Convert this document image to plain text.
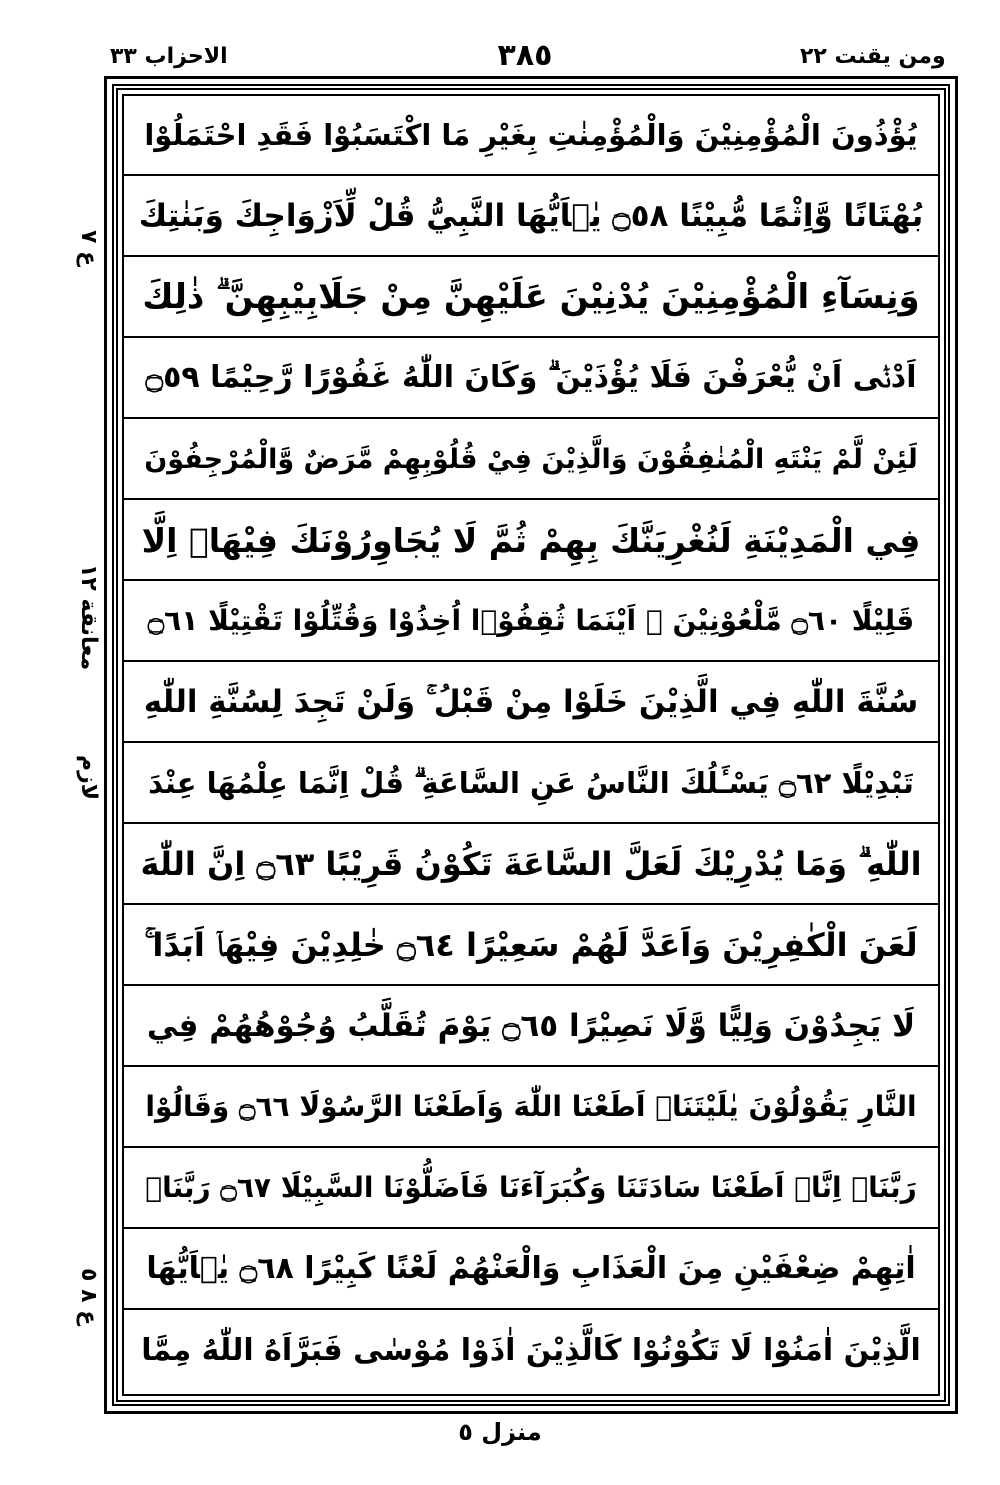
الاحزاب ٣٣	٣٨٥	ومن يقنت ٢٢
يُؤْذُونَ الْمُؤْمِنِيْنَ وَالْمُؤْمِنٰتِ بِغَيْرِ مَا اكْتَسَبُوْا فَقَدِ احْتَمَلُوْا
بُهْتَانًا وَّاِثْمًا مُّبِيْنًا ۝٥٨ يٰۤاَيُّهَا النَّبِيُّ قُلْ لِّاَزْوَاجِكَ وَبَنٰتِكَ
وَنِسَآءِ الْمُؤْمِنِيْنَ يُدْنِيْنَ عَلَيْهِنَّ مِنْ جَلَابِيْبِهِنَّ ۗ ذٰلِكَ
اَدْنٰۤى اَنْ يُّعْرَفْنَ فَلَا يُؤْذَيْنَ ۗ وَكَانَ اللّٰهُ غَفُوْرًا رَّحِيْمًا ۝٥٩
لَئِنْ لَّمْ يَنْتَهِ الْمُنٰفِقُوْنَ وَالَّذِيْنَ فِيْ قُلُوْبِهِمْ مَّرَضٌ وَّالْمُرْجِفُوْنَ
فِي الْمَدِيْنَةِ لَنُغْرِيَنَّكَ بِهِمْ ثُمَّ لَا يُجَاوِرُوْنَكَ فِيْهَاۤ اِلَّا
قَلِيْلًا ۝٦٠ مَّلْعُوْنِيْنَ ۛ اَيْنَمَا ثُقِفُوْۤا اُخِذُوْا وَقُتِّلُوْا تَقْتِيْلًا ۝٦١
سُنَّةَ اللّٰهِ فِي الَّذِيْنَ خَلَوْا مِنْ قَبْلُ ۚ وَلَنْ تَجِدَ لِسُنَّةِ اللّٰهِ
تَبْدِيْلًا ۝٦٢ يَسْـَٔلُكَ النَّاسُ عَنِ السَّاعَةِ ۗ قُلْ اِنَّمَا عِلْمُهَا عِنْدَ
اللّٰهِ ۗ وَمَا يُدْرِيْكَ لَعَلَّ السَّاعَةَ تَكُوْنُ قَرِيْبًا ۝٦٣ اِنَّ اللّٰهَ
لَعَنَ الْكٰفِرِيْنَ وَاَعَدَّ لَهُمْ سَعِيْرًا ۝٦٤ خٰلِدِيْنَ فِيْهَاۤ اَبَدًا ۚ
لَا يَجِدُوْنَ وَلِيًّا وَّلَا نَصِيْرًا ۝٦٥ يَوْمَ تُقَلَّبُ وُجُوْهُهُمْ فِي
النَّارِ يَقُوْلُوْنَ يٰلَيْتَنَاۤ اَطَعْنَا اللّٰهَ وَاَطَعْنَا الرَّسُوْلَا ۝٦٦ وَقَالُوْا
رَبَّنَاۤ اِنَّاۤ اَطَعْنَا سَادَتَنَا وَكُبَرَآءَنَا فَاَضَلُّوْنَا السَّبِيْلَا ۝٦٧ رَبَّنَاۤ
اٰتِهِمْ ضِعْفَيْنِ مِنَ الْعَذَابِ وَالْعَنْهُمْ لَعْنًا كَبِيْرًا ۝٦٨ يٰۤاَيُّهَا
الَّذِيْنَ اٰمَنُوْا لَا تَكُوْنُوْا كَالَّذِيْنَ اٰذَوْا مُوْسٰى فَبَرَّاَهُ اللّٰهُ مِمَّا
ع ٧
معانقة ١٢
لازم
ع ٨ ٥
منزل ٥
